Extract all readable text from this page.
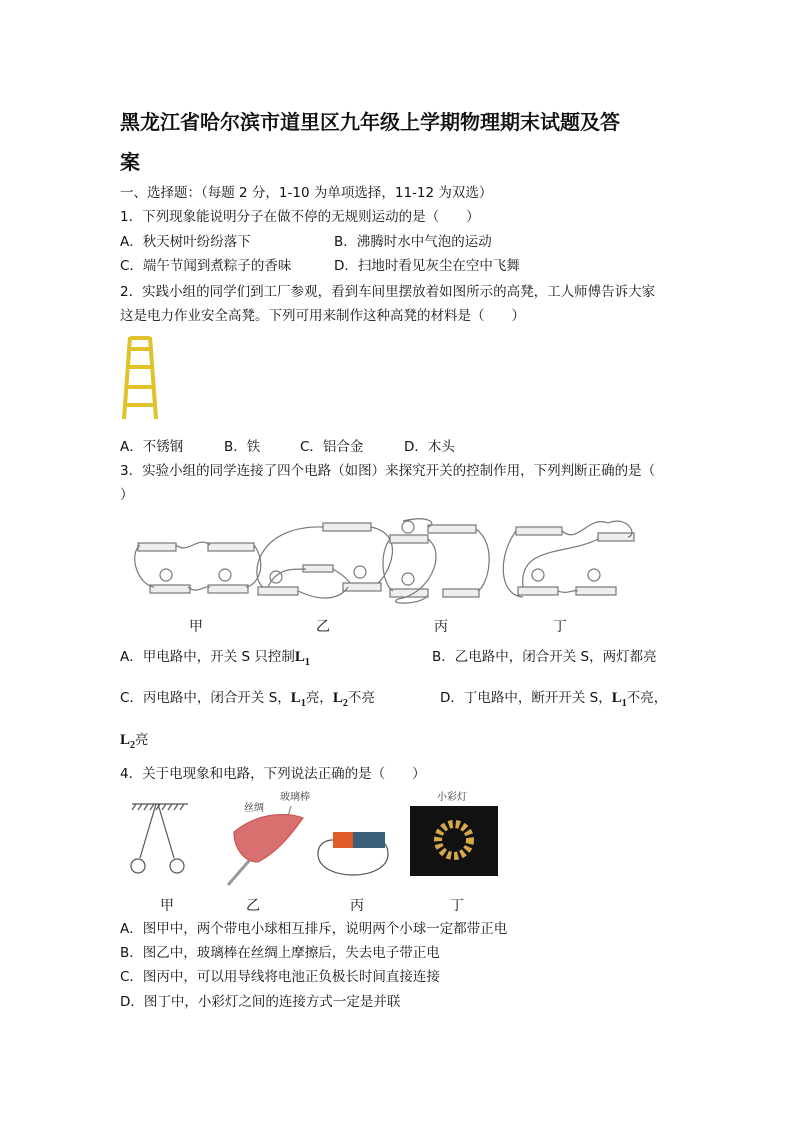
黑龙江省哈尔滨市道里区九年级上学期物理期末试题及答
案
一、选择题：（每题 2 分，1-10 为单项选择，11-12 为双选）
1．下列现象能说明分子在做不停的无规则运动的是（　　）
A．秋天树叶纷纷落下	B．沸腾时水中气泡的运动
C．端午节闻到煮粽子的香味	D．扫地时看见灰尘在空中飞舞
2．实践小组的同学们到工厂参观，看到车间里摆放着如图所示的高凳，工人师傅告诉大家
这是电力作业安全高凳。下列可用来制作这种高凳的材料是（　　）
A．不锈钢	B．铁	C．铝合金	D．木头
3．实验小组的同学连接了四个电路（如图）来探究开关的控制作用，下列判断正确的是（
）
甲	乙	丙	丁
A．甲电路中，开关 S 只控制$L_1$	B．乙电路中，闭合开关 S，两灯都亮
C．丙电路中，闭合开关 S，$L_1$亮，$L_2$不亮	D．丁电路中，断开开关 S，$L_1$不亮，
$L_2$亮
4．关于电现象和电路，下列说法正确的是（　　）
丝绸
玻璃棒	小彩灯
甲	乙	丙	丁
A．图甲中，两个带电小球相互排斥，说明两个小球一定都带正电
B．图乙中，玻璃棒在丝绸上摩擦后，失去电子带正电
C．图丙中，可以用导线将电池正负极长时间直接连接
D．图丁中，小彩灯之间的连接方式一定是并联
